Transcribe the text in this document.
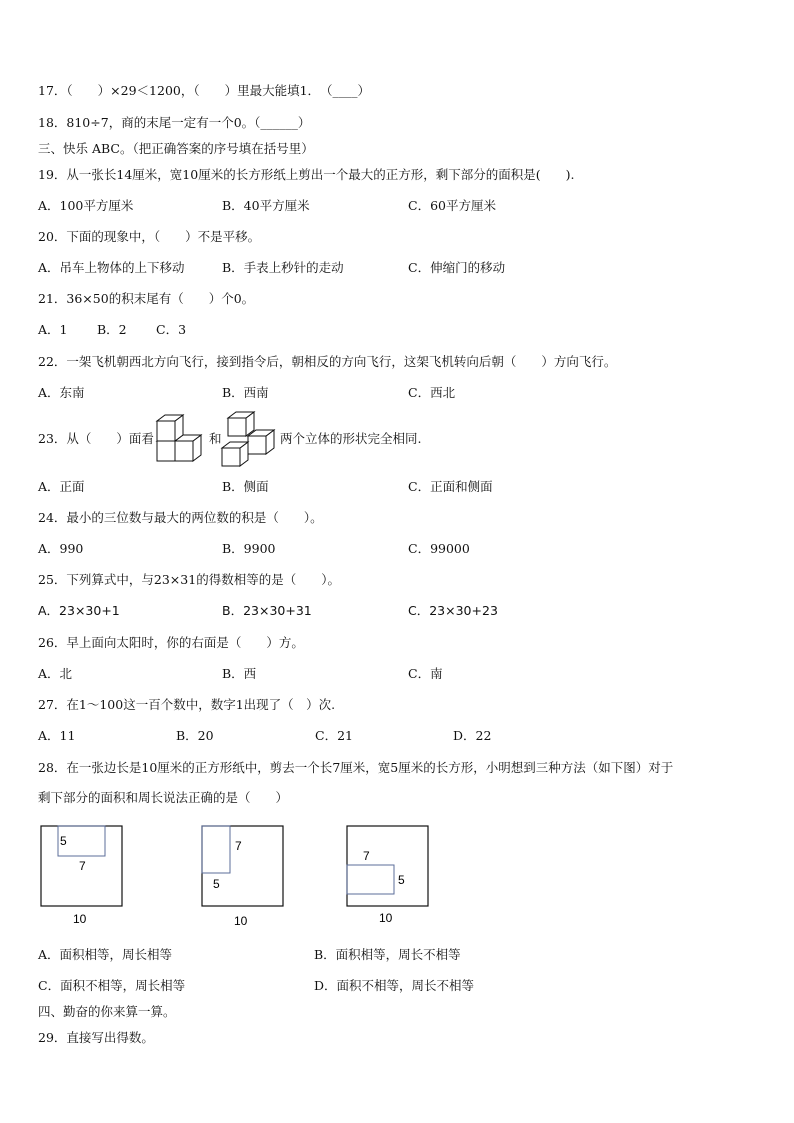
17．（　　）×29＜1200，（　　）里最大能填1．　（____）
18．810÷7，商的末尾一定有一个0。（______）
三、快乐 ABC。（把正确答案的序号填在括号里）
19．从一张长14厘米，宽10厘米的长方形纸上剪出一个最大的正方形，剩下部分的面积是(　　).
A．100平方厘米	B．40平方厘米	C．60平方厘米
20．下面的现象中，（　　）不是平移。
A．吊车上物体的上下移动	B．手表上秒针的走动	C．伸缩门的移动
21．36×50的积末尾有（　　）个0。
A．1 B．2 C．3
22．一架飞机朝西北方向飞行，接到指令后，朝相反的方向飞行，这架飞机转向后朝（　　）方向飞行。
A．东南	B．西南	C．西北
23．从（　　）面看	和	两个立体的形状完全相同.
A．正面	B．侧面	C．正面和侧面
24．最小的三位数与最大的两位数的积是（　　）。
A．990	B．9900	C．99000
25．下列算式中，与23×31的得数相等的是（　　）。
A．23×30+1	B．23×30+31	C．23×30+23
26．早上面向太阳时，你的右面是（　　）方。
A．北	B．西	C．南
27．在1～100这一百个数中，数字1出现了（　）次.
A．11	B．20	C．21	D．22
28．在一张边长是10厘米的正方形纸中，剪去一个长7厘米，宽5厘米的长方形，小明想到三种方法（如下图）对于
剩下部分的面积和周长说法正确的是（　　）
5
7
10
7
5
10
7
5
10
A．面积相等，周长相等	B．面积相等，周长不相等
C．面积不相等，周长相等	D．面积不相等，周长不相等
四、勤奋的你来算一算。
29．直接写出得数。
